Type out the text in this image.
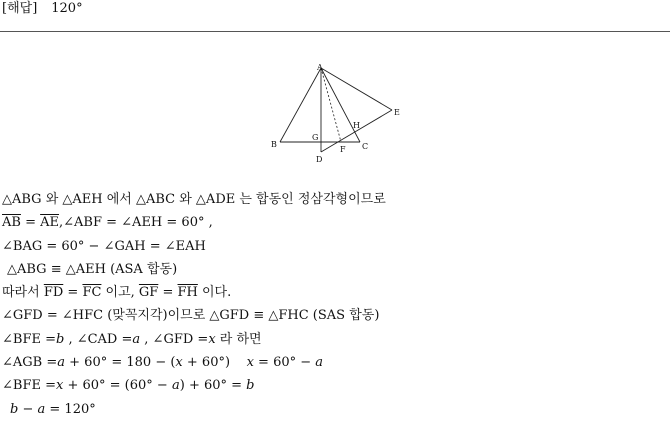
[해답] 120°
A
B	C
D
E
F
G
H
△ABG 와 △AEH 에서 △ABC 와 △ADE 는 합동인 정삼각형이므로
$\overline{AB}$ = $\overline{AE},\angle ABF$ = ∠AEH = 60° ,
∠BAG = 60° − ∠GAH = ∠EAH
△ABG ≡ △AEH (ASA 합동)
따라서 $\overline{FD} = \overline{FC}$ 이고, $\overline{GF} = \overline{FH}$ 이다.
∠GFD = ∠HFC (맞꼭지각)이므로 △GFD ≡ △FHC (SAS 합동)
∠BFE =b , ∠CAD =a , ∠GFD =x 라 하면
∠AGB =a + 60° = 180 − (x + 60°)    x = 60° − a
∠BFE =x + 60° = (60° − a) + 60° = b
b − a = 120°
